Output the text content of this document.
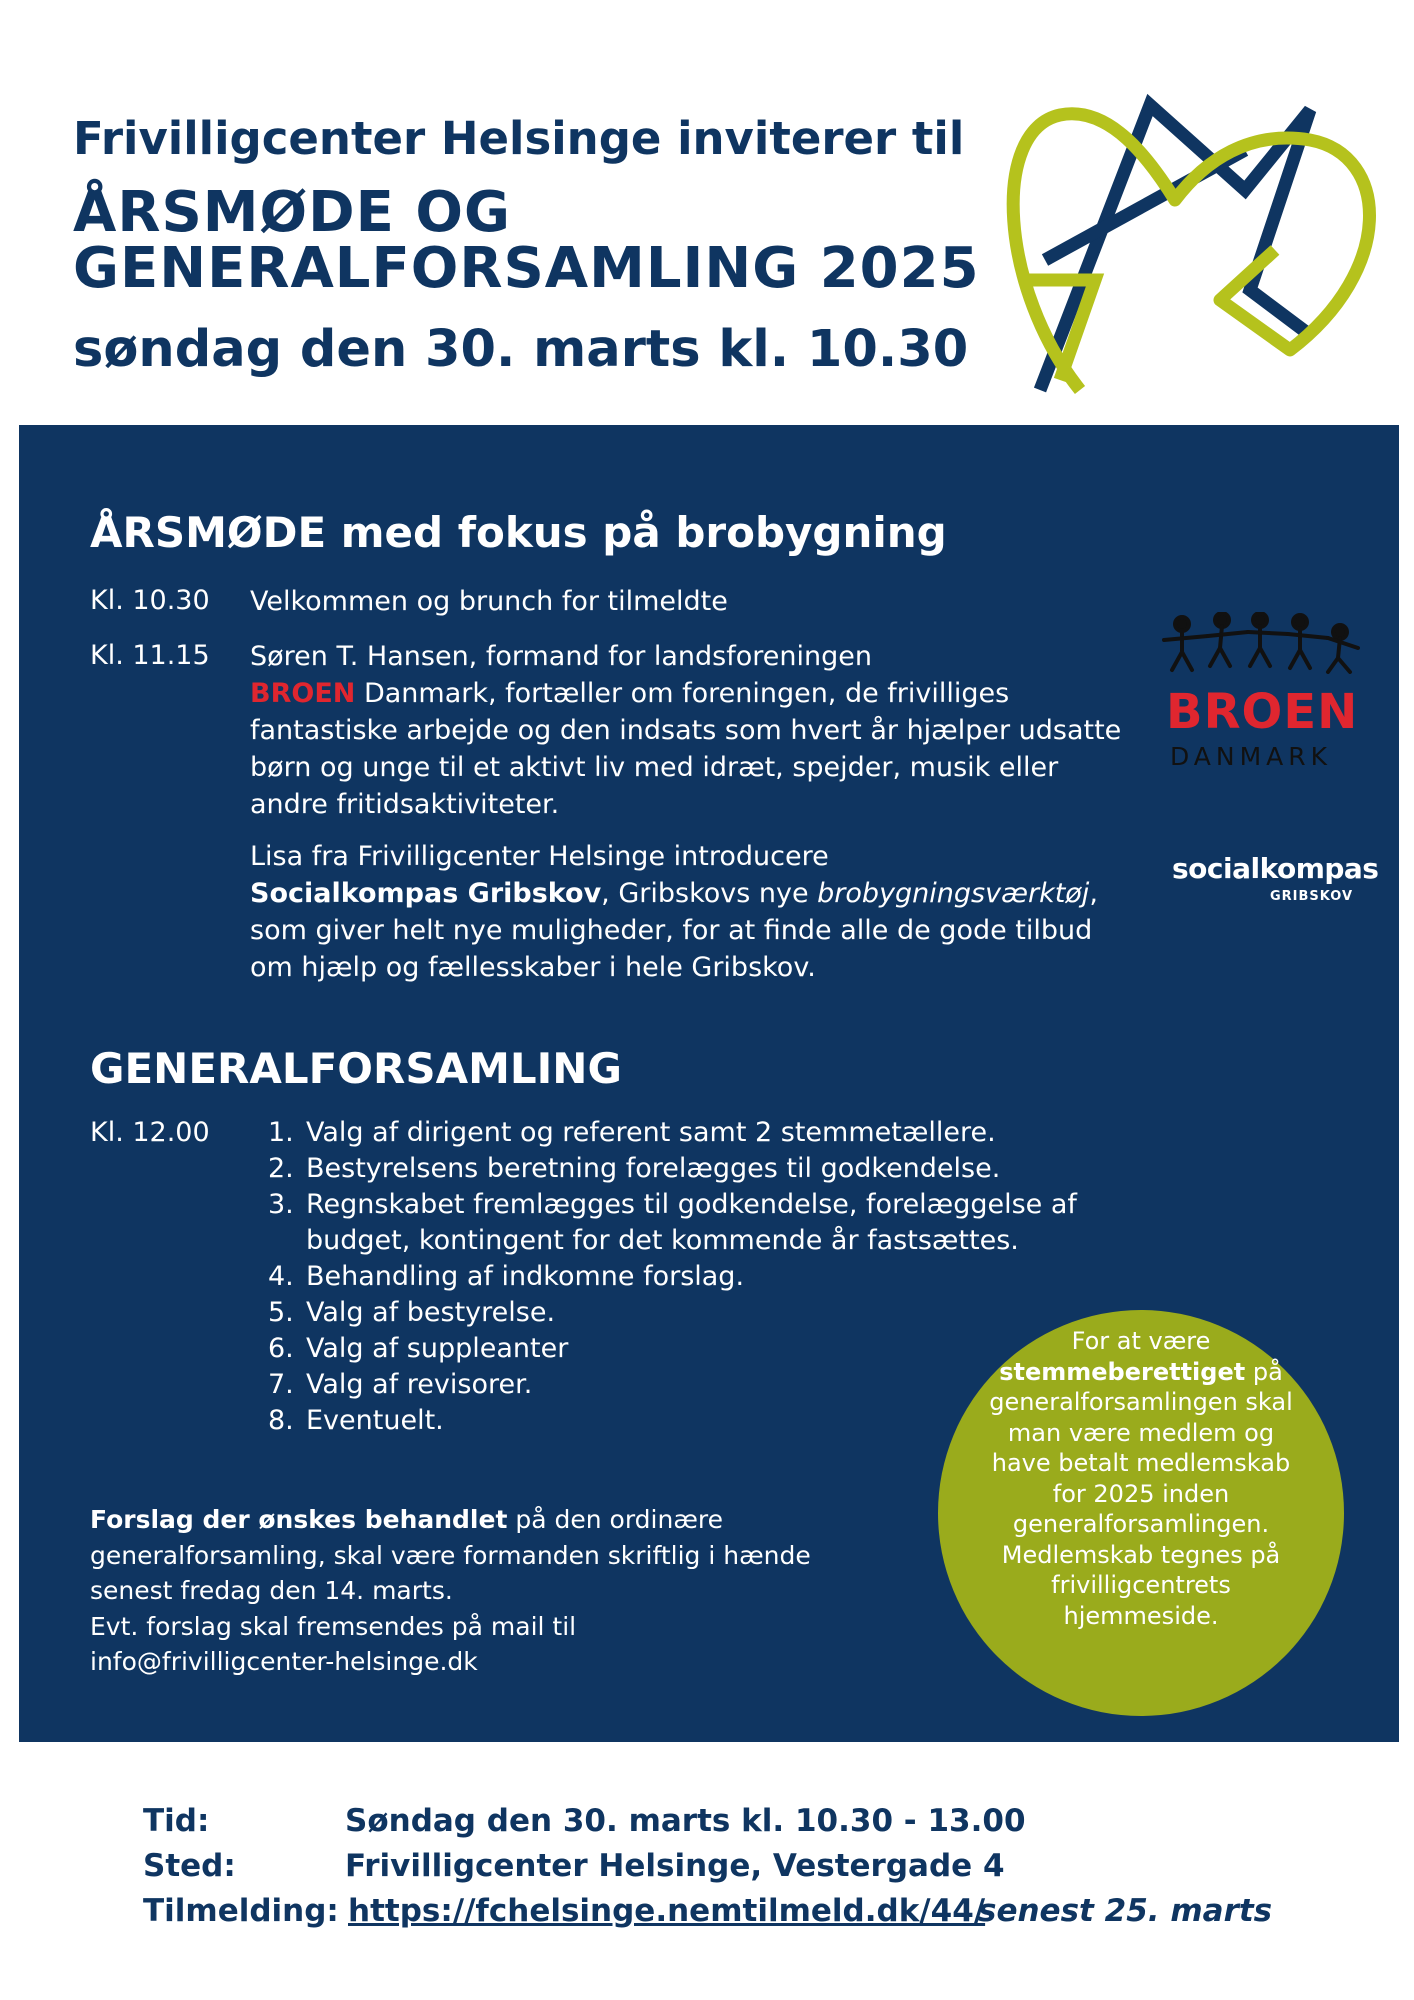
Frivilligcenter Helsinge inviterer til
ÅRSMØDE OG
GENERALFORSAMLING 2025
søndag den 30. marts kl. 10.30
ÅRSMØDE med fokus på brobygning
Kl. 10.30 Velkommen og brunch for tilmeldte
Kl. 11.15 Søren T. Hansen, formand for landsforeningen
BROEN Danmark, fortæller om foreningen, de frivilliges fantastiske arbejde og den indsats som hvert år hjælper udsatte børn og unge til et aktivt liv med idræt, spejder, musik eller andre fritidsaktiviteter.
Lisa fra Frivilligcenter Helsinge introducere
Socialkompas Gribskov, Gribskovs nye brobygningsværktøj, som giver helt nye muligheder, for at finde alle de gode tilbud om hjælp og fællesskaber i hele Gribskov.
BROEN
DANMARK
socialkompas
GRIBSKOV
GENERALFORSAMLING
Kl. 12.00 1. Valg af dirigent og referent samt 2 stemmetællere.
2. Bestyrelsens beretning forelægges til godkendelse.
3. Regnskabet fremlægges til godkendelse, forelæggelse af budget, kontingent for det kommende år fastsættes.
4. Behandling af indkomne forslag.
5. Valg af bestyrelse.
6. Valg af suppleanter
7. Valg af revisorer.
8. Eventuelt.
Forslag der ønskes behandlet på den ordinære generalforsamling, skal være formanden skriftlig i hænde senest fredag den 14. marts.
Evt. forslag skal fremsendes på mail til
info@frivilligcenter-helsinge.dk
For at være
stemmeberettiget på generalforsamlingen skal man være medlem og have betalt medlemskab for 2025 inden generalforsamlingen. Medlemskab tegnes på frivilligcentrets hjemmeside.
Tid:	Søndag den 30. marts kl. 10.30 - 13.00
Sted:	Frivilligcenter Helsinge, Vestergade 4
Tilmelding: https://fchelsinge.nemtilmeld.dk/44/
senest 25. marts
